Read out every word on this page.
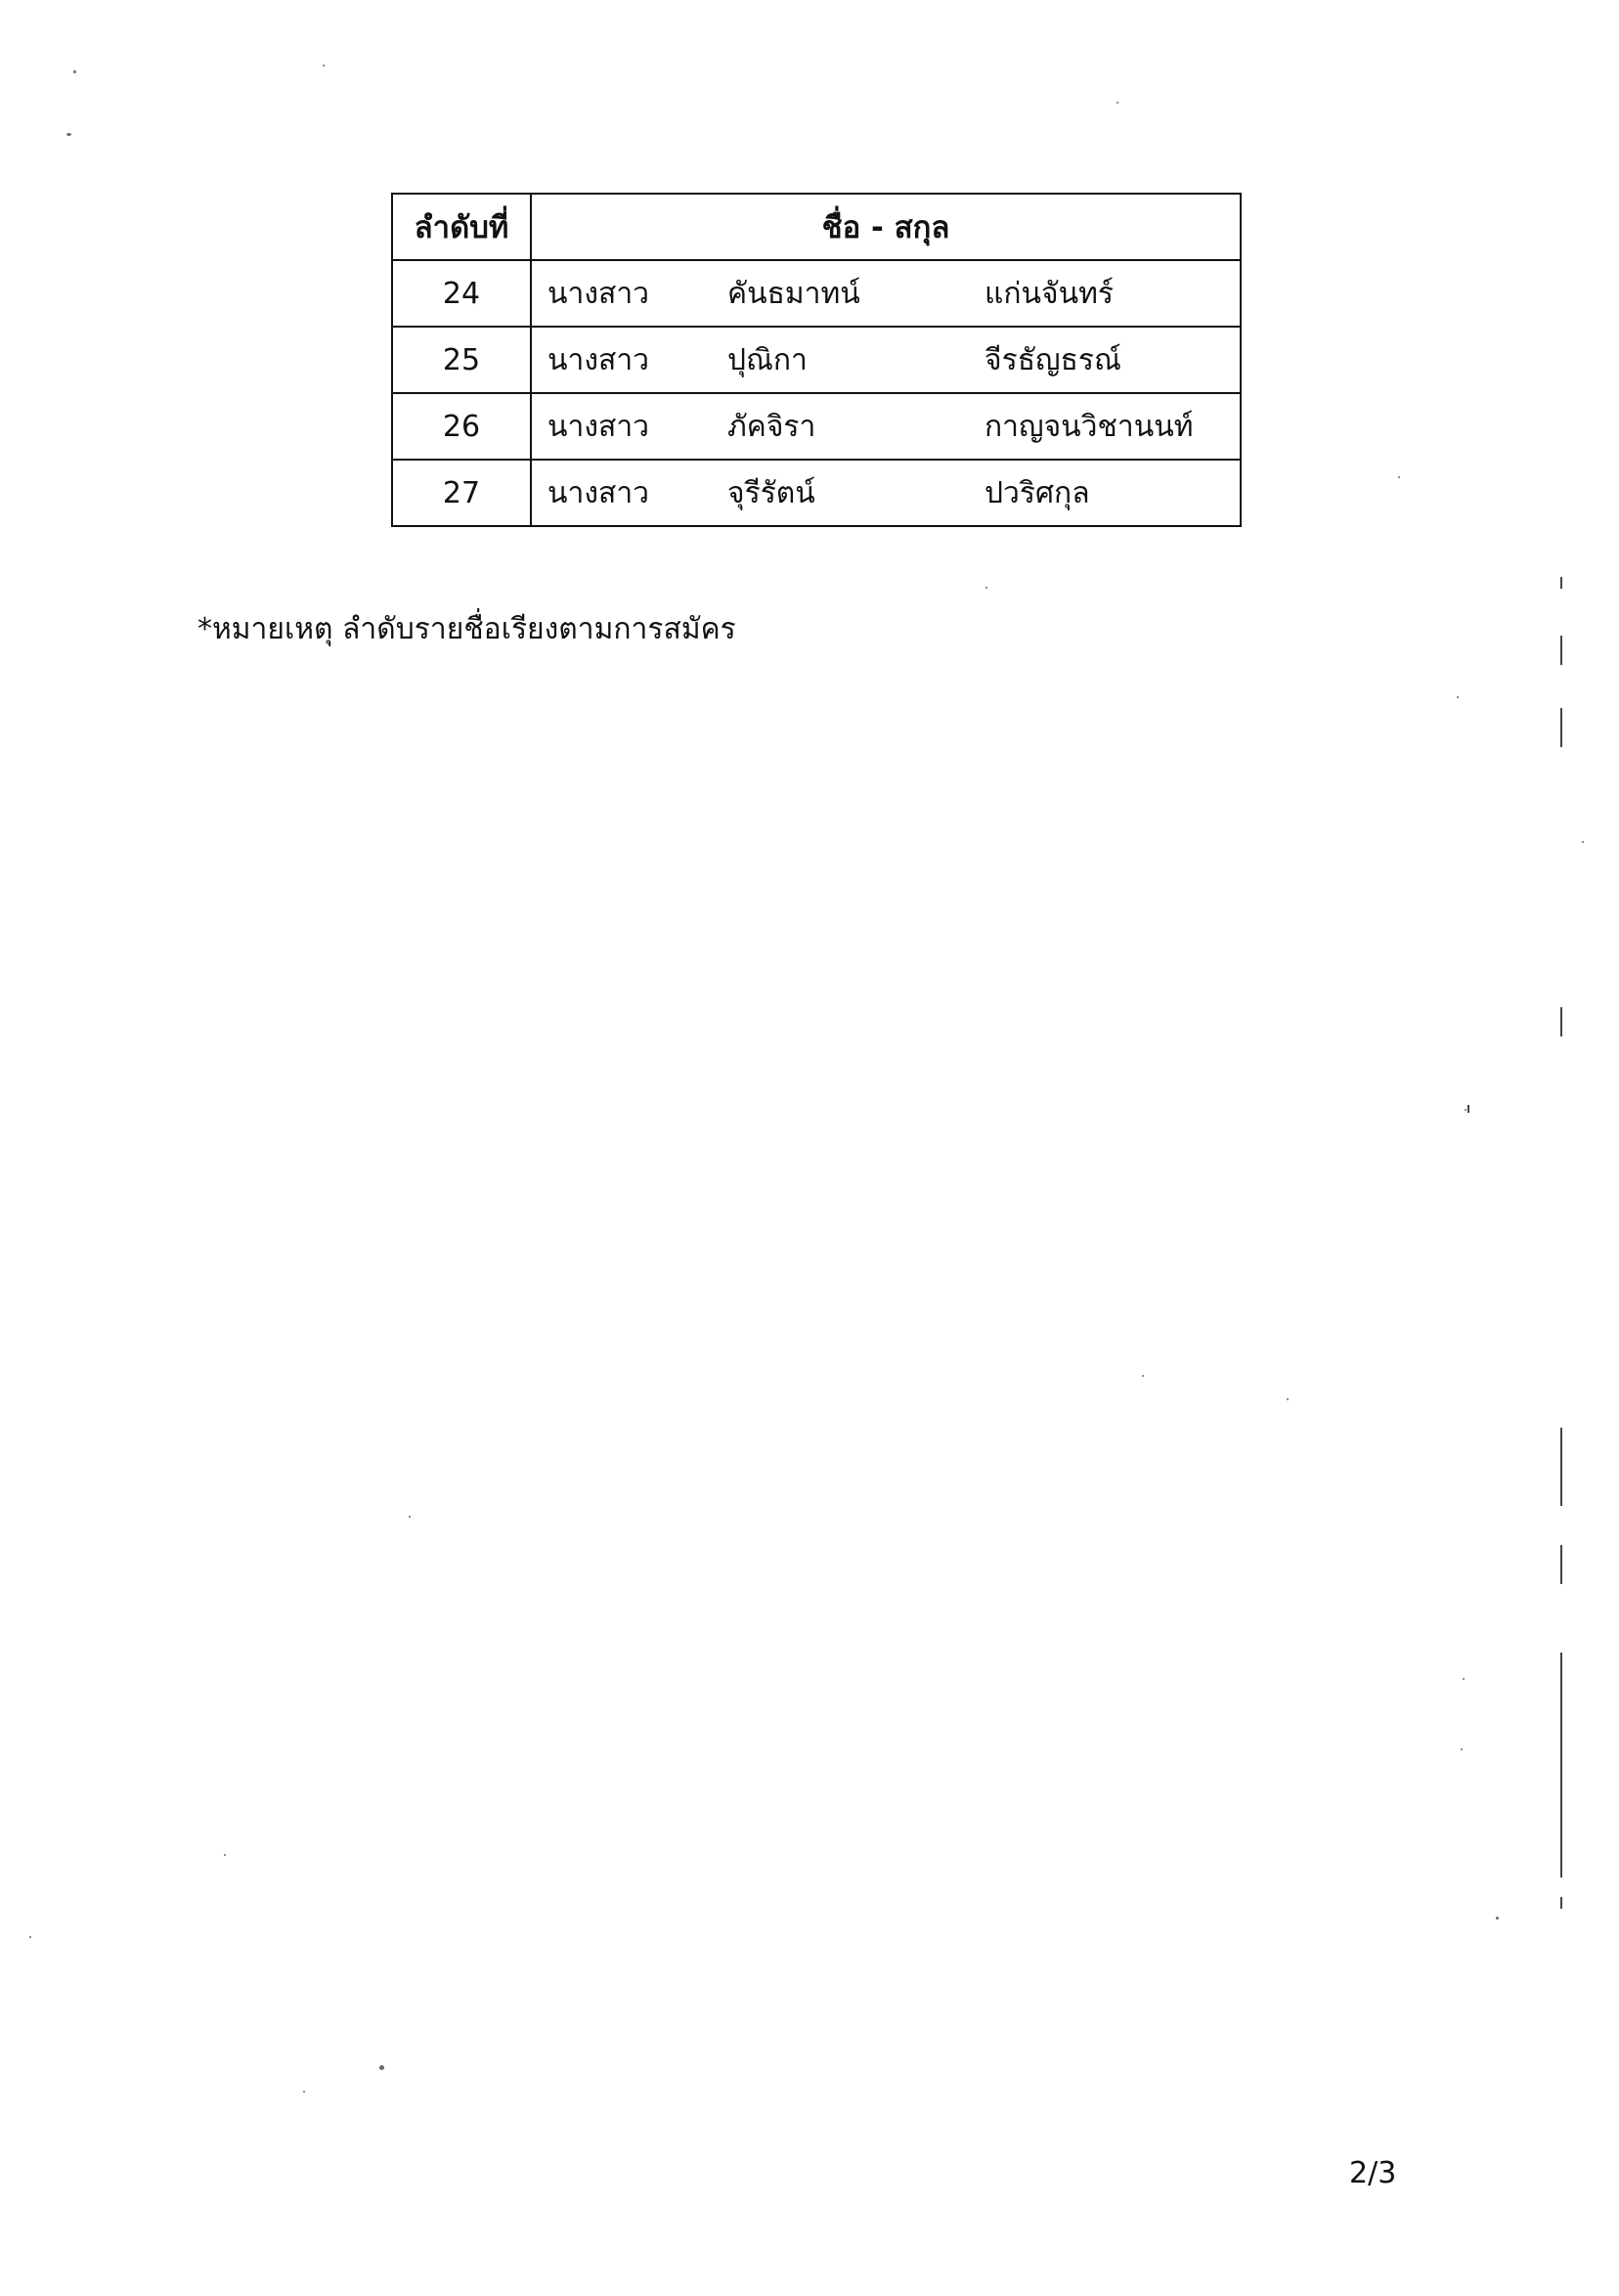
ลำดับที่	ชื่อ - สกุล
24	นางสาว คันธมาทน์ แก่นจันทร์

25	นางสาว ปุณิกา จีรธัญธรณ์

26	นางสาว ภัคจิรา กาญจนวิชานนท์

27	นางสาว จุรีรัตน์ ปวริศกุล
*หมายเหตุ ลำดับรายชื่อเรียงตามการสมัคร
2/3
